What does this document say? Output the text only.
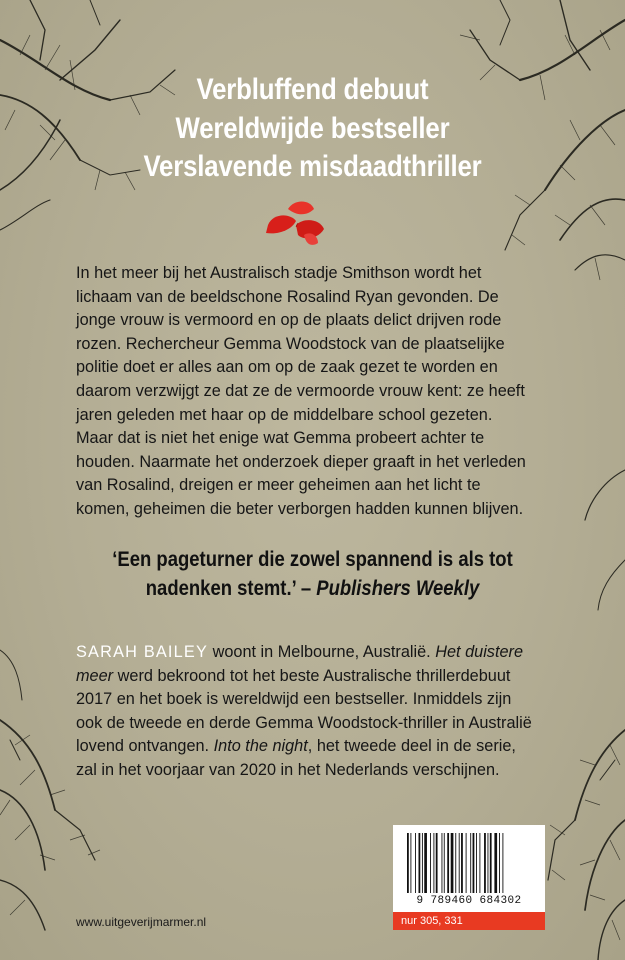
Verbluffend debuut
Wereldwijde bestseller
Verslavende misdaadthriller
In het meer bij het Australisch stadje Smithson wordt het
lichaam van de beeldschone Rosalind Ryan gevonden. De
jonge vrouw is vermoord en op de plaats delict drijven rode
rozen. Rechercheur Gemma Woodstock van de plaatselijke
politie doet er alles aan om op de zaak gezet te worden en
daarom verzwijgt ze dat ze de vermoorde vrouw kent: ze heeft
jaren geleden met haar op de middelbare school gezeten.
Maar dat is niet het enige wat Gemma probeert achter te
houden. Naarmate het onderzoek dieper graaft in het verleden
van Rosalind, dreigen er meer geheimen aan het licht te
komen, geheimen die beter verborgen hadden kunnen blijven.
‘Een pageturner die zowel spannend is als tot
nadenken stemt.’ – Publishers Weekly
SARAH BAILEY woont in Melbourne, Australië. Het duistere
meer werd bekroond tot het beste Australische thrillerdebuut
2017 en het boek is wereldwijd een bestseller. Inmiddels zijn
ook de tweede en derde Gemma Woodstock-thriller in Australië
lovend ontvangen. Into the night, het tweede deel in de serie,
zal in het voorjaar van 2020 in het Nederlands verschijnen.
www.uitgeverijmarmer.nl
9 789460 684302
nur 305, 331
